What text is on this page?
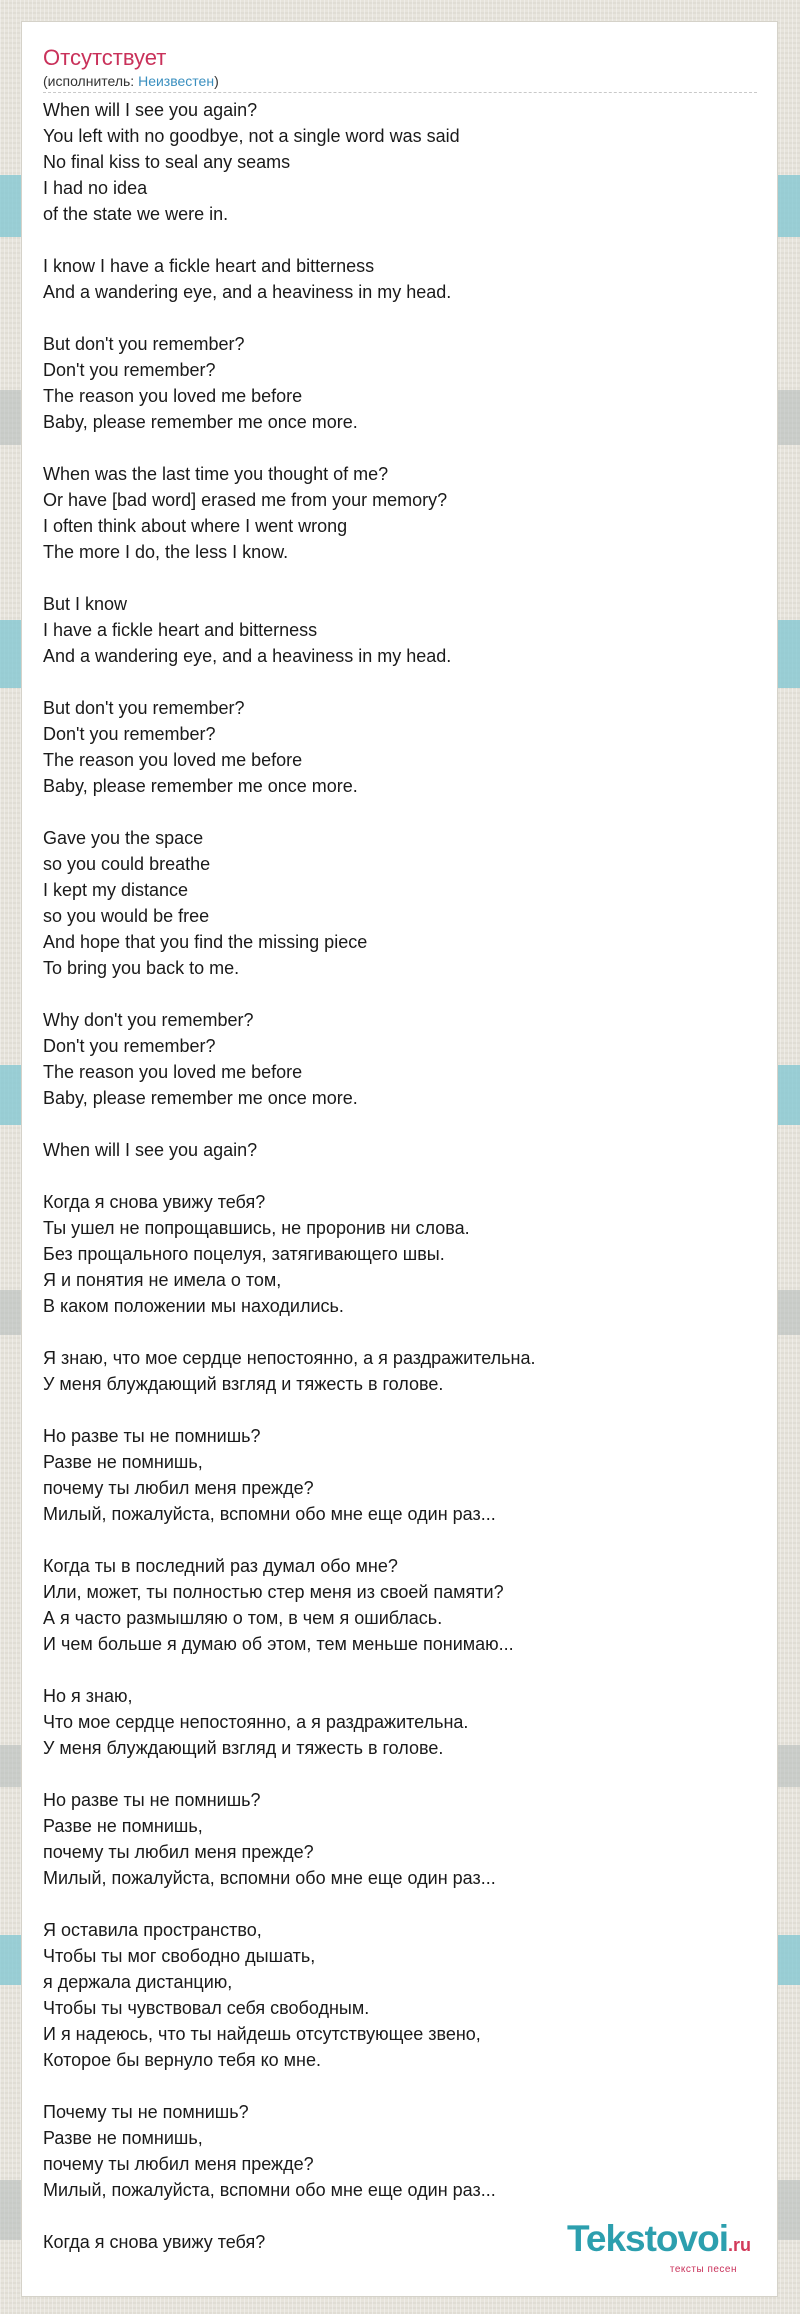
Отсутствует
(исполнитель: Неизвестен)
When will I see you again?
You left with no goodbye, not a single word was said
No final kiss to seal any seams
I had no idea
of the state we were in.
I know I have a fickle heart and bitterness
And a wandering eye, and a heaviness in my head.
But don't you remember?
Don't you remember?
The reason you loved me before
Baby, please remember me once more.
When was the last time you thought of me?
Or have [bad word] erased me from your memory?
I often think about where I went wrong
The more I do, the less I know.
But I know
I have a fickle heart and bitterness
And a wandering eye, and a heaviness in my head.
But don't you remember?
Don't you remember?
The reason you loved me before
Baby, please remember me once more.
Gave you the space
so you could breathe
I kept my distance
so you would be free
And hope that you find the missing piece
To bring you back to me.
Why don't you remember?
Don't you remember?
The reason you loved me before
Baby, please remember me once more.
When will I see you again?
Когда я снова увижу тебя?
Ты ушел не попрощавшись, не проронив ни слова.
Без прощального поцелуя, затягивающего швы.
Я и понятия не имела о том,
В каком положении мы находились.
Я знаю, что мое сердце непостоянно, а я раздражительна.
У меня блуждающий взгляд и тяжесть в голове.
Но разве ты не помнишь?
Разве не помнишь,
почему ты любил меня прежде?
Милый, пожалуйста, вспомни обо мне еще один раз...
Когда ты в последний раз думал обо мне?
Или, может, ты полностью стер меня из своей памяти?
А я часто размышляю о том, в чем я ошиблась.
И чем больше я думаю об этом, тем меньше понимаю...
Но я знаю,
Что мое сердце непостоянно, а я раздражительна.
У меня блуждающий взгляд и тяжесть в голове.
Но разве ты не помнишь?
Разве не помнишь,
почему ты любил меня прежде?
Милый, пожалуйста, вспомни обо мне еще один раз...
Я оставила пространство,
Чтобы ты мог свободно дышать,
я держала дистанцию,
Чтобы ты чувствовал себя свободным.
И я надеюсь, что ты найдешь отсутствующее звено,
Которое бы вернуло тебя ко мне.
Почему ты не помнишь?
Разве не помнишь,
почему ты любил меня прежде?
Милый, пожалуйста, вспомни обо мне еще один раз...
Когда я снова увижу тебя?	Tekstovoi.ru
тексты песен
